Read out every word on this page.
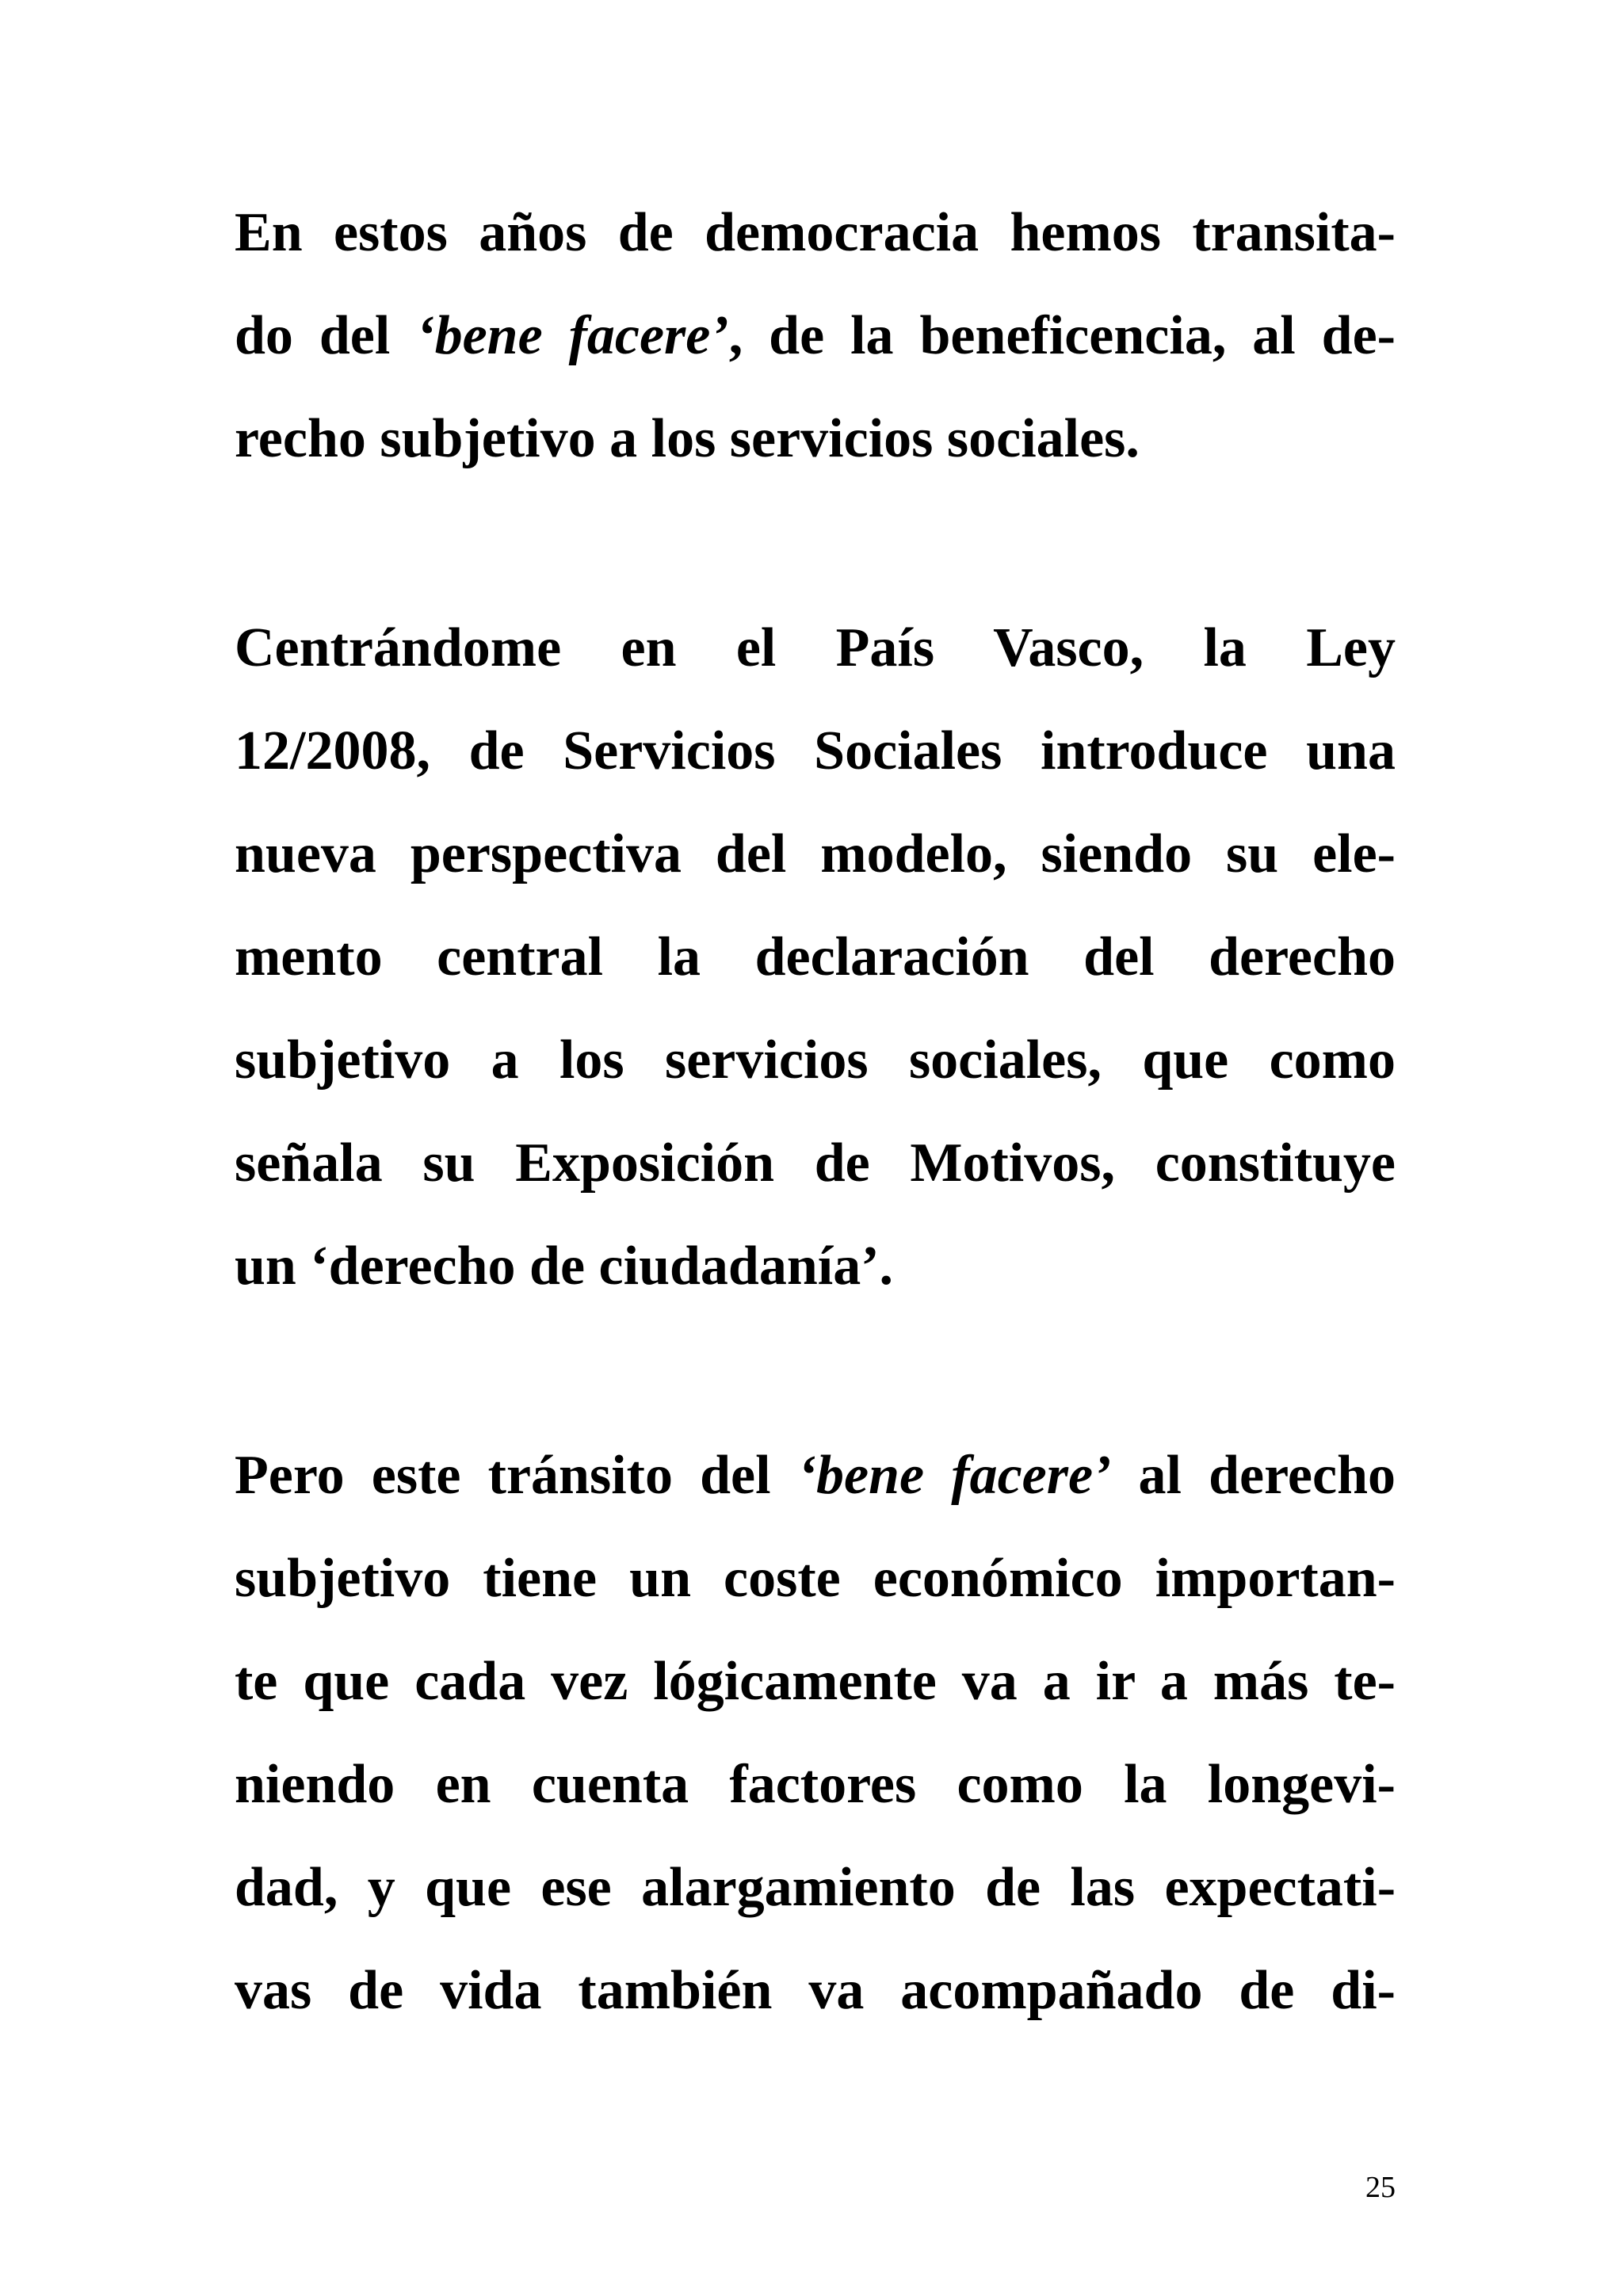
En estos años de democracia hemos transita-
do del ‘bene facere’, de la beneficencia, al de-
recho subjetivo a los servicios sociales.
Centrándome en el País Vasco, la Ley
12/2008, de Servicios Sociales introduce una
nueva perspectiva del modelo, siendo su ele-
mento central la declaración del derecho
subjetivo a los servicios sociales, que como
señala su Exposición de Motivos, constituye
un ‘derecho de ciudadanía’.
Pero este tránsito del ‘bene facere’ al derecho
subjetivo tiene un coste económico importan-
te que cada vez lógicamente va a ir a más te-
niendo en cuenta factores como la longevi-
dad, y que ese alargamiento de las expectati-
vas de vida también va acompañado de di-
25
